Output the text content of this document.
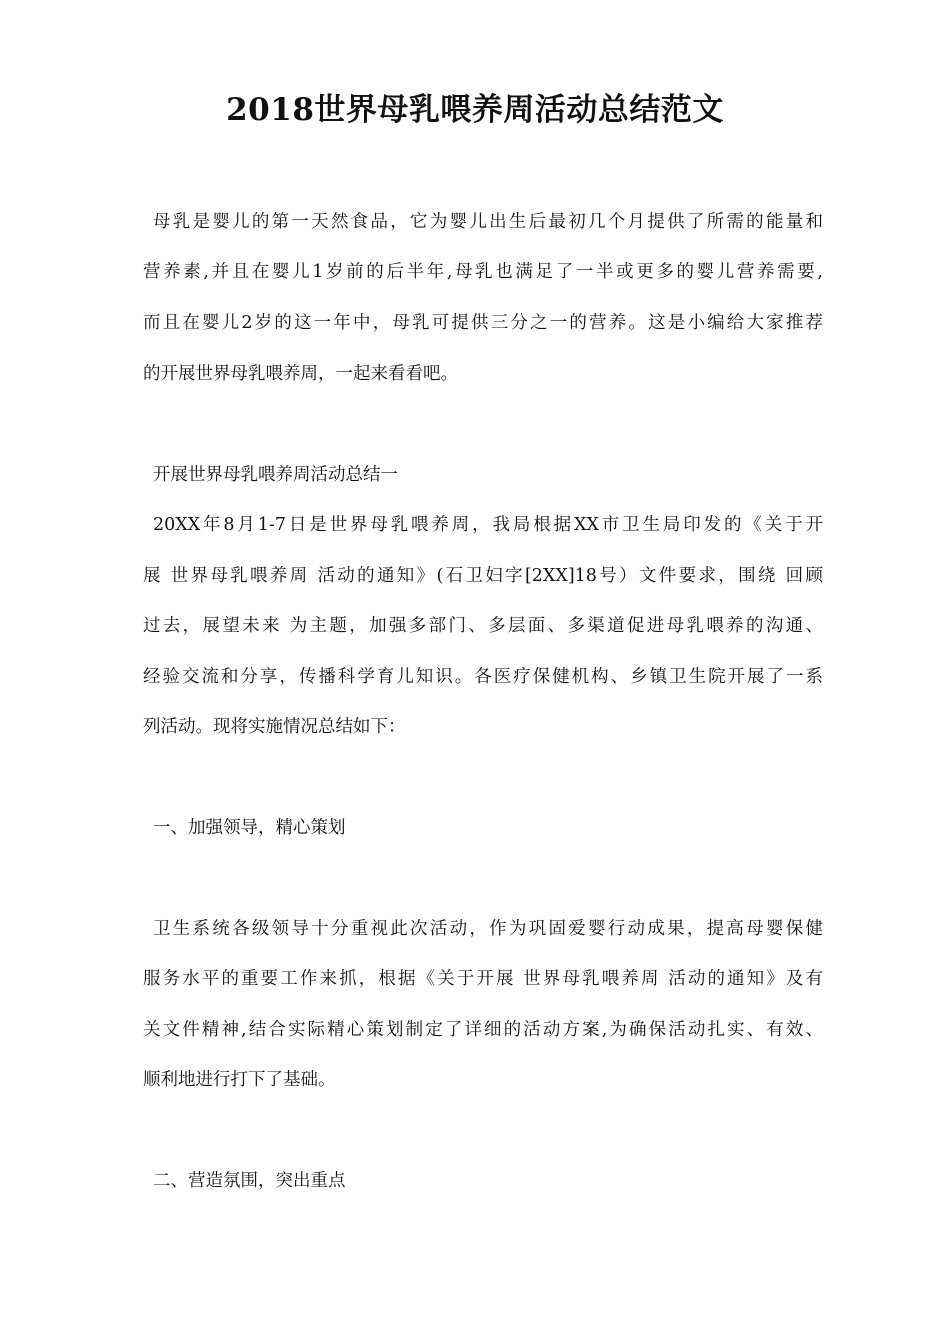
2018世界母乳喂养周活动总结范文
母乳是婴儿的第一天然食品，它为婴儿出生后最初几个月提供了所需的能量和
营养素,并且在婴儿1岁前的后半年,母乳也满足了一半或更多的婴儿营养需要,
而且在婴儿2岁的这一年中，母乳可提供三分之一的营养。这是小编给大家推荐
的开展世界母乳喂养周，一起来看看吧。
开展世界母乳喂养周活动总结一
20XX年8月1-7日是世界母乳喂养周，我局根据XX市卫生局印发的《关于开
展 世界母乳喂养周 活动的通知》(石卫妇字[2XX]18号）文件要求，围绕 回顾
过去，展望未来 为主题，加强多部门、多层面、多渠道促进母乳喂养的沟通、
经验交流和分享，传播科学育儿知识。各医疗保健机构、乡镇卫生院开展了一系
列活动。现将实施情况总结如下：
一、加强领导，精心策划
卫生系统各级领导十分重视此次活动，作为巩固爱婴行动成果，提高母婴保健
服务水平的重要工作来抓，根据《关于开展 世界母乳喂养周 活动的通知》及有
关文件精神,结合实际精心策划制定了详细的活动方案,为确保活动扎实、有效、
顺利地进行打下了基础。
二、营造氛围，突出重点
